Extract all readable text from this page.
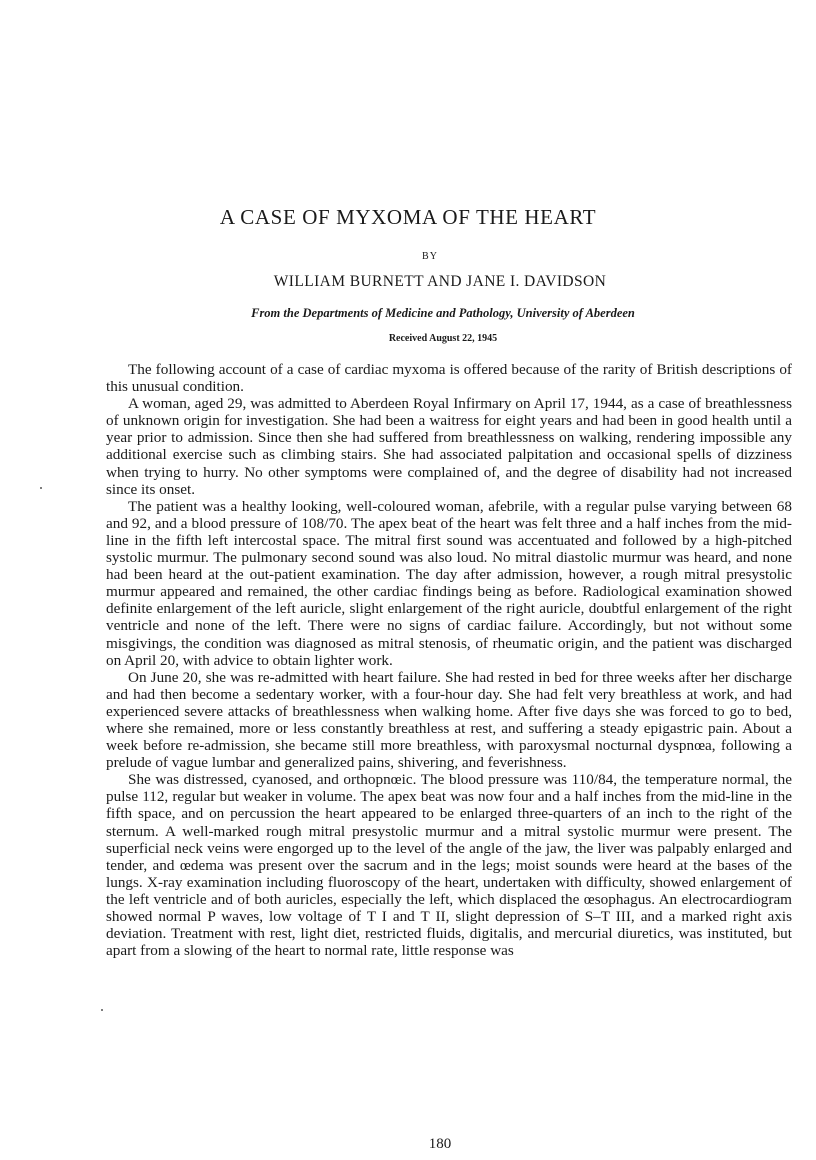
A CASE OF MYXOMA OF THE HEART
BY
WILLIAM BURNETT AND JANE I. DAVIDSON
From the Departments of Medicine and Pathology, University of Aberdeen
Received August 22, 1945

The following account of a case of cardiac myxoma is offered because of the rarity of British descriptions of this unusual condition.

A woman, aged 29, was admitted to Aberdeen Royal Infirmary on April 17, 1944, as a case of breathlessness of unknown origin for investigation. She had been a waitress for eight years and had been in good health until a year prior to admission. Since then she had suffered from breathlessness on walking, rendering impossible any additional exercise such as climbing stairs. She had associated palpitation and occasional spells of dizziness when trying to hurry. No other symptoms were complained of, and the degree of disability had not increased since its onset.

The patient was a healthy looking, well-coloured woman, afebrile, with a regular pulse varying between 68 and 92, and a blood pressure of 108/70. The apex beat of the heart was felt three and a half inches from the mid-line in the fifth left intercostal space. The mitral first sound was accentuated and followed by a high-pitched systolic murmur. The pulmonary second sound was also loud. No mitral diastolic murmur was heard, and none had been heard at the out-patient examination. The day after admission, however, a rough mitral presystolic murmur appeared and remained, the other cardiac findings being as before. Radiological examination showed definite enlargement of the left auricle, slight enlargement of the right auricle, doubtful enlargement of the right ventricle and none of the left. There were no signs of cardiac failure. Accordingly, but not without some misgivings, the condition was diagnosed as mitral stenosis, of rheumatic origin, and the patient was discharged on April 20, with advice to obtain lighter work.

On June 20, she was re-admitted with heart failure. She had rested in bed for three weeks after her discharge and had then become a sedentary worker, with a four-hour day. She had felt very breathless at work, and had experienced severe attacks of breathlessness when walking home. After five days she was forced to go to bed, where she remained, more or less constantly breathless at rest, and suffering a steady epigastric pain. About a week before re-admission, she became still more breathless, with paroxysmal nocturnal dyspnœa, following a prelude of vague lumbar and generalized pains, shivering, and feverishness.

She was distressed, cyanosed, and orthopnœic. The blood pressure was 110/84, the temperature normal, the pulse 112, regular but weaker in volume. The apex beat was now four and a half inches from the mid-line in the fifth space, and on percussion the heart appeared to be enlarged three-quarters of an inch to the right of the sternum. A well-marked rough mitral presystolic murmur and a mitral systolic murmur were present. The superficial neck veins were engorged up to the level of the angle of the jaw, the liver was palpably enlarged and tender, and œdema was present over the sacrum and in the legs; moist sounds were heard at the bases of the lungs. X-ray examination including fluoroscopy of the heart, undertaken with difficulty, showed enlargement of the left ventricle and of both auricles, especially the left, which displaced the œsophagus. An electrocardiogram showed normal P waves, low voltage of T I and T II, slight depression of S–T III, and a marked right axis deviation. Treatment with rest, light diet, restricted fluids, digitalis, and mercurial diuretics, was instituted, but apart from a slowing of the heart to normal rate, little response was

180
